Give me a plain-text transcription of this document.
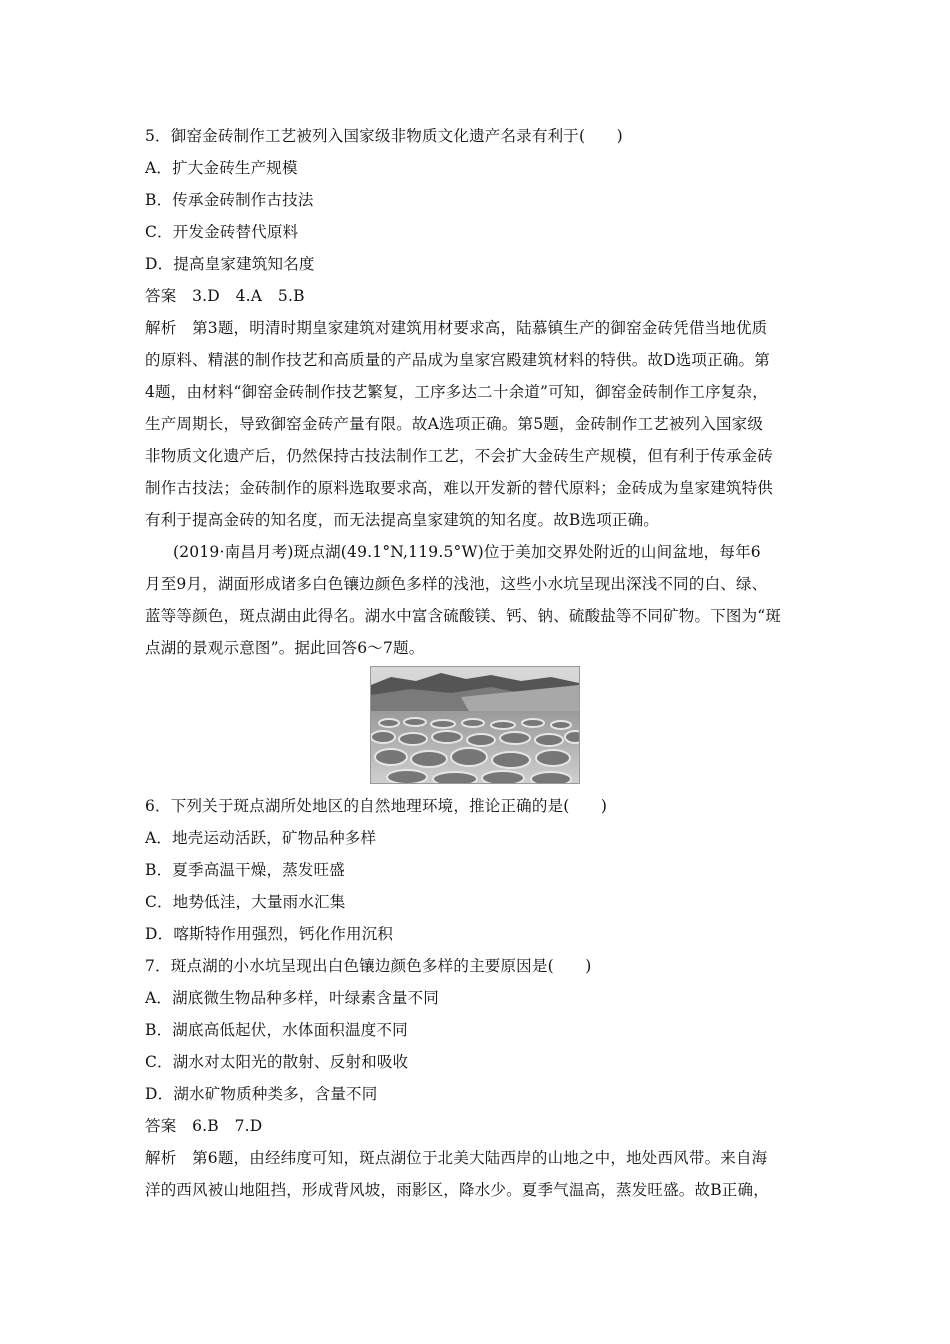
5．御窑金砖制作工艺被列入国家级非物质文化遗产名录有利于(　　)
A．扩大金砖生产规模
B．传承金砖制作古技法
C．开发金砖替代原料
D．提高皇家建筑知名度
答案　3.D　4.A　5.B
解析　第3题，明清时期皇家建筑对建筑用材要求高，陆慕镇生产的御窑金砖凭借当地优质
的原料、精湛的制作技艺和高质量的产品成为皇家宫殿建筑材料的特供。故D选项正确。第
4题，由材料“御窑金砖制作技艺繁复，工序多达二十余道”可知，御窑金砖制作工序复杂，
生产周期长，导致御窑金砖产量有限。故A选项正确。第5题，金砖制作工艺被列入国家级
非物质文化遗产后，仍然保持古技法制作工艺，不会扩大金砖生产规模，但有利于传承金砖
制作古技法；金砖制作的原料选取要求高，难以开发新的替代原料；金砖成为皇家建筑特供
有利于提高金砖的知名度，而无法提高皇家建筑的知名度。故B选项正确。
(2019·南昌月考)斑点湖(49.1°N,119.5°W)位于美加交界处附近的山间盆地，每年6
月至9月，湖面形成诸多白色镶边颜色多样的浅池，这些小水坑呈现出深浅不同的白、绿、
蓝等等颜色，斑点湖由此得名。湖水中富含硫酸镁、钙、钠、硫酸盐等不同矿物。下图为“斑
点湖的景观示意图”。据此回答6～7题。
6．下列关于斑点湖所处地区的自然地理环境，推论正确的是(　　)
A．地壳运动活跃，矿物品种多样
B．夏季高温干燥，蒸发旺盛
C．地势低洼，大量雨水汇集
D．喀斯特作用强烈，钙化作用沉积
7．斑点湖的小水坑呈现出白色镶边颜色多样的主要原因是(　　)
A．湖底微生物品种多样，叶绿素含量不同
B．湖底高低起伏，水体面积温度不同
C．湖水对太阳光的散射、反射和吸收
D．湖水矿物质种类多，含量不同
答案　6.B　7.D
解析　第6题，由经纬度可知，斑点湖位于北美大陆西岸的山地之中，地处西风带。来自海
洋的西风被山地阻挡，形成背风坡，雨影区，降水少。夏季气温高，蒸发旺盛。故B正确，
